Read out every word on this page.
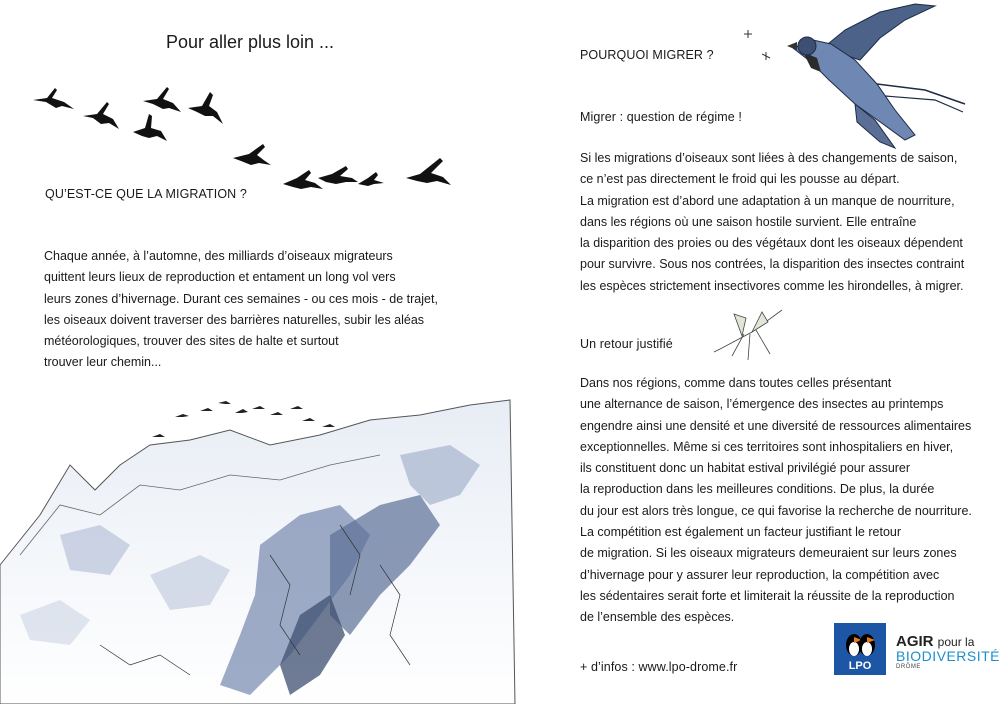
Pour aller plus loin ...
QU’EST-CE QUE LA MIGRATION ?
Chaque année, à l’automne, des milliards d’oiseaux migrateurs
quittent leurs lieux de reproduction et entament un long vol vers
leurs zones d’hivernage. Durant ces semaines - ou ces mois - de trajet,
les oiseaux doivent traverser des barrières naturelles, subir les aléas
météorologiques, trouver des sites de halte et surtout
trouver leur chemin...
POURQUOI MIGRER ?
Migrer : question de régime !
Si les migrations d’oiseaux sont liées à des changements de saison,
ce n’est pas directement le froid qui les pousse au départ.
La migration est d’abord une adaptation à un manque de nourriture,
dans les régions où une saison hostile survient. Elle entraîne
la disparition des proies ou des végétaux dont les oiseaux dépendent
pour survivre. Sous nos contrées, la disparition des insectes contraint
les espèces strictement insectivores comme les hirondelles, à migrer.
Un retour justifié
Dans nos régions, comme dans toutes celles présentant
une alternance de saison, l’émergence des insectes au printemps
engendre ainsi une densité et une diversité de ressources alimentaires
exceptionnelles. Même si ces territoires sont inhospitaliers en hiver,
ils constituent donc un habitat estival privilégié pour assurer
la reproduction dans les meilleures conditions. De plus, la durée
du jour est alors très longue, ce qui favorise la recherche de nourriture.
La compétition est également un facteur justifiant le retour
de migration. Si les oiseaux migrateurs demeuraient sur leurs zones
d’hivernage pour y assurer leur reproduction, la compétition avec
les sédentaires serait forte et limiterait la réussite de la reproduction
de l’ensemble des espèces.
+ d’infos : www.lpo-drome.fr	LPO
AGIR pour la
BIODIVERSITÉ
DRÔME
